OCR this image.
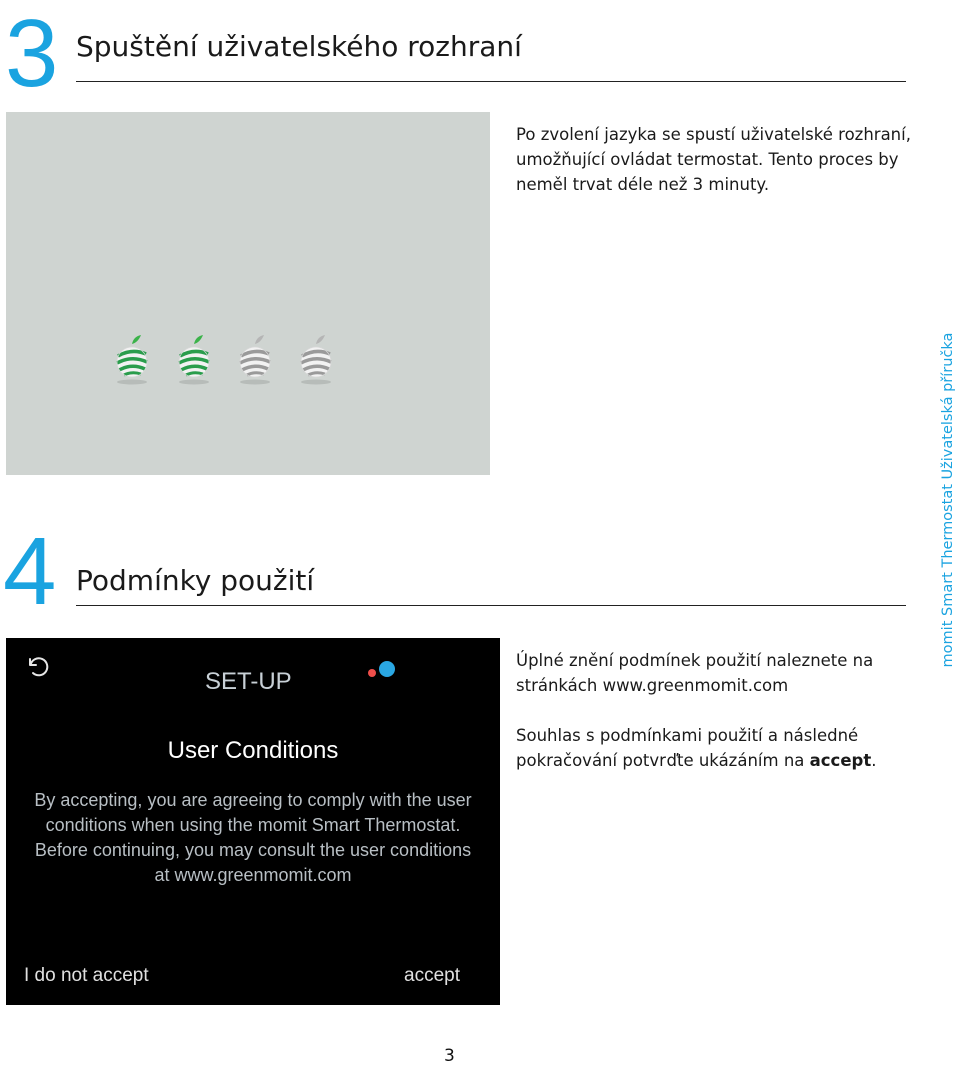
3 Spuštění uživatelského rozhraní
Po zvolení jazyka se spustí uživatelské rozhraní, umožňující ovládat termostat. Tento proces by neměl trvat déle než 3 minuty.
4 Podmínky použití
SET-UP
User Conditions
By accepting, you are agreeing to comply with the user conditions when using the momit Smart Thermostat. Before continuing, you may consult the user conditions at www.greenmomit.com
I do not accept	accept
Úplné znění podmínek použití naleznete na stránkách www.greenmomit.com
Souhlas s podmínkami použití a následné pokračování potvrďte ukázáním na accept.
momit Smart Thermostat Uživatelská příručka
3
